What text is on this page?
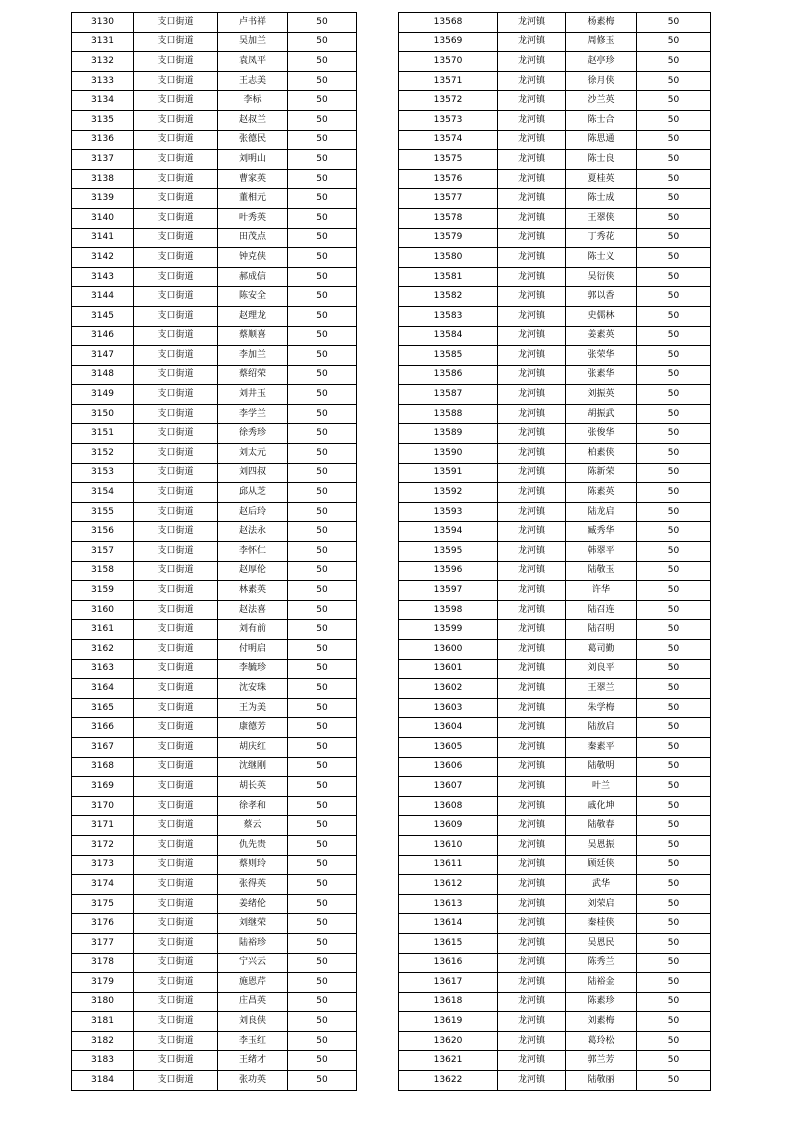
3130	支口街道	卢书祥	50
3131	支口街道	吴加兰	50
3132	支口街道	袁凤平	50
3133	支口街道	王志美	50
3134	支口街道	李标	50
3135	支口街道	赵叔兰	50
3136	支口街道	张德民	50
3137	支口街道	刘明山	50
3138	支口街道	曹家英	50
3139	支口街道	董相元	50
3140	支口街道	叶秀英	50
3141	支口街道	田茂点	50
3142	支口街道	钟克侠	50
3143	支口街道	郝成信	50
3144	支口街道	陈安全	50
3145	支口街道	赵理龙	50
3146	支口街道	蔡顺喜	50
3147	支口街道	李加兰	50
3148	支口街道	蔡绍荣	50
3149	支口街道	刘井玉	50
3150	支口街道	李学兰	50
3151	支口街道	徐秀珍	50
3152	支口街道	刘太元	50
3153	支口街道	刘四叔	50
3154	支口街道	邱从芝	50
3155	支口街道	赵后玲	50
3156	支口街道	赵法永	50
3157	支口街道	李怀仁	50
3158	支口街道	赵厚伦	50
3159	支口街道	林素英	50
3160	支口街道	赵法喜	50
3161	支口街道	刘有前	50
3162	支口街道	付明启	50
3163	支口街道	李毓珍	50
3164	支口街道	沈安珠	50
3165	支口街道	王为美	50
3166	支口街道	康德芳	50
3167	支口街道	胡庆红	50
3168	支口街道	沈继刚	50
3169	支口街道	胡长英	50
3170	支口街道	徐孝和	50
3171	支口街道	蔡云	50
3172	支口街道	仇先贵	50
3173	支口街道	蔡则玲	50
3174	支口街道	张得英	50
3175	支口街道	姜绪伦	50
3176	支口街道	刘继荣	50
3177	支口街道	陆裕珍	50
3178	支口街道	宁兴云	50
3179	支口街道	施恩芹	50
3180	支口街道	庄昌英	50
3181	支口街道	刘良侠	50
3182	支口街道	李玉红	50
3183	支口街道	王绪才	50
3184	支口街道	张功英	50
13568	龙河镇	杨素梅	50
13569	龙河镇	周修玉	50
13570	龙河镇	赵亭珍	50
13571	龙河镇	徐月侠	50
13572	龙河镇	沙兰英	50
13573	龙河镇	陈士合	50
13574	龙河镇	陈思通	50
13575	龙河镇	陈士良	50
13576	龙河镇	夏桂英	50
13577	龙河镇	陈士成	50
13578	龙河镇	王翠侠	50
13579	龙河镇	丁秀花	50
13580	龙河镇	陈士义	50
13581	龙河镇	吴衍侠	50
13582	龙河镇	郭以香	50
13583	龙河镇	史儒林	50
13584	龙河镇	姜素英	50
13585	龙河镇	张荣华	50
13586	龙河镇	张素华	50
13587	龙河镇	刘振英	50
13588	龙河镇	胡振武	50
13589	龙河镇	张俊华	50
13590	龙河镇	柏素侠	50
13591	龙河镇	陈新荣	50
13592	龙河镇	陈素英	50
13593	龙河镇	陆龙启	50
13594	龙河镇	臧秀华	50
13595	龙河镇	韩翠平	50
13596	龙河镇	陆敬玉	50
13597	龙河镇	许华	50
13598	龙河镇	陆召连	50
13599	龙河镇	陆召明	50
13600	龙河镇	葛司勤	50
13601	龙河镇	刘良平	50
13602	龙河镇	王翠兰	50
13603	龙河镇	朱学梅	50
13604	龙河镇	陆放启	50
13605	龙河镇	秦素平	50
13606	龙河镇	陆敬明	50
13607	龙河镇	叶兰	50
13608	龙河镇	戚化坤	50
13609	龙河镇	陆敬春	50
13610	龙河镇	吴恩振	50
13611	龙河镇	顾廷侠	50
13612	龙河镇	武华	50
13613	龙河镇	刘荣启	50
13614	龙河镇	秦桂侠	50
13615	龙河镇	吴恩民	50
13616	龙河镇	陈秀兰	50
13617	龙河镇	陆裕金	50
13618	龙河镇	陈素珍	50
13619	龙河镇	刘素梅	50
13620	龙河镇	葛玲松	50
13621	龙河镇	郭兰芳	50
13622	龙河镇	陆敬丽	50
